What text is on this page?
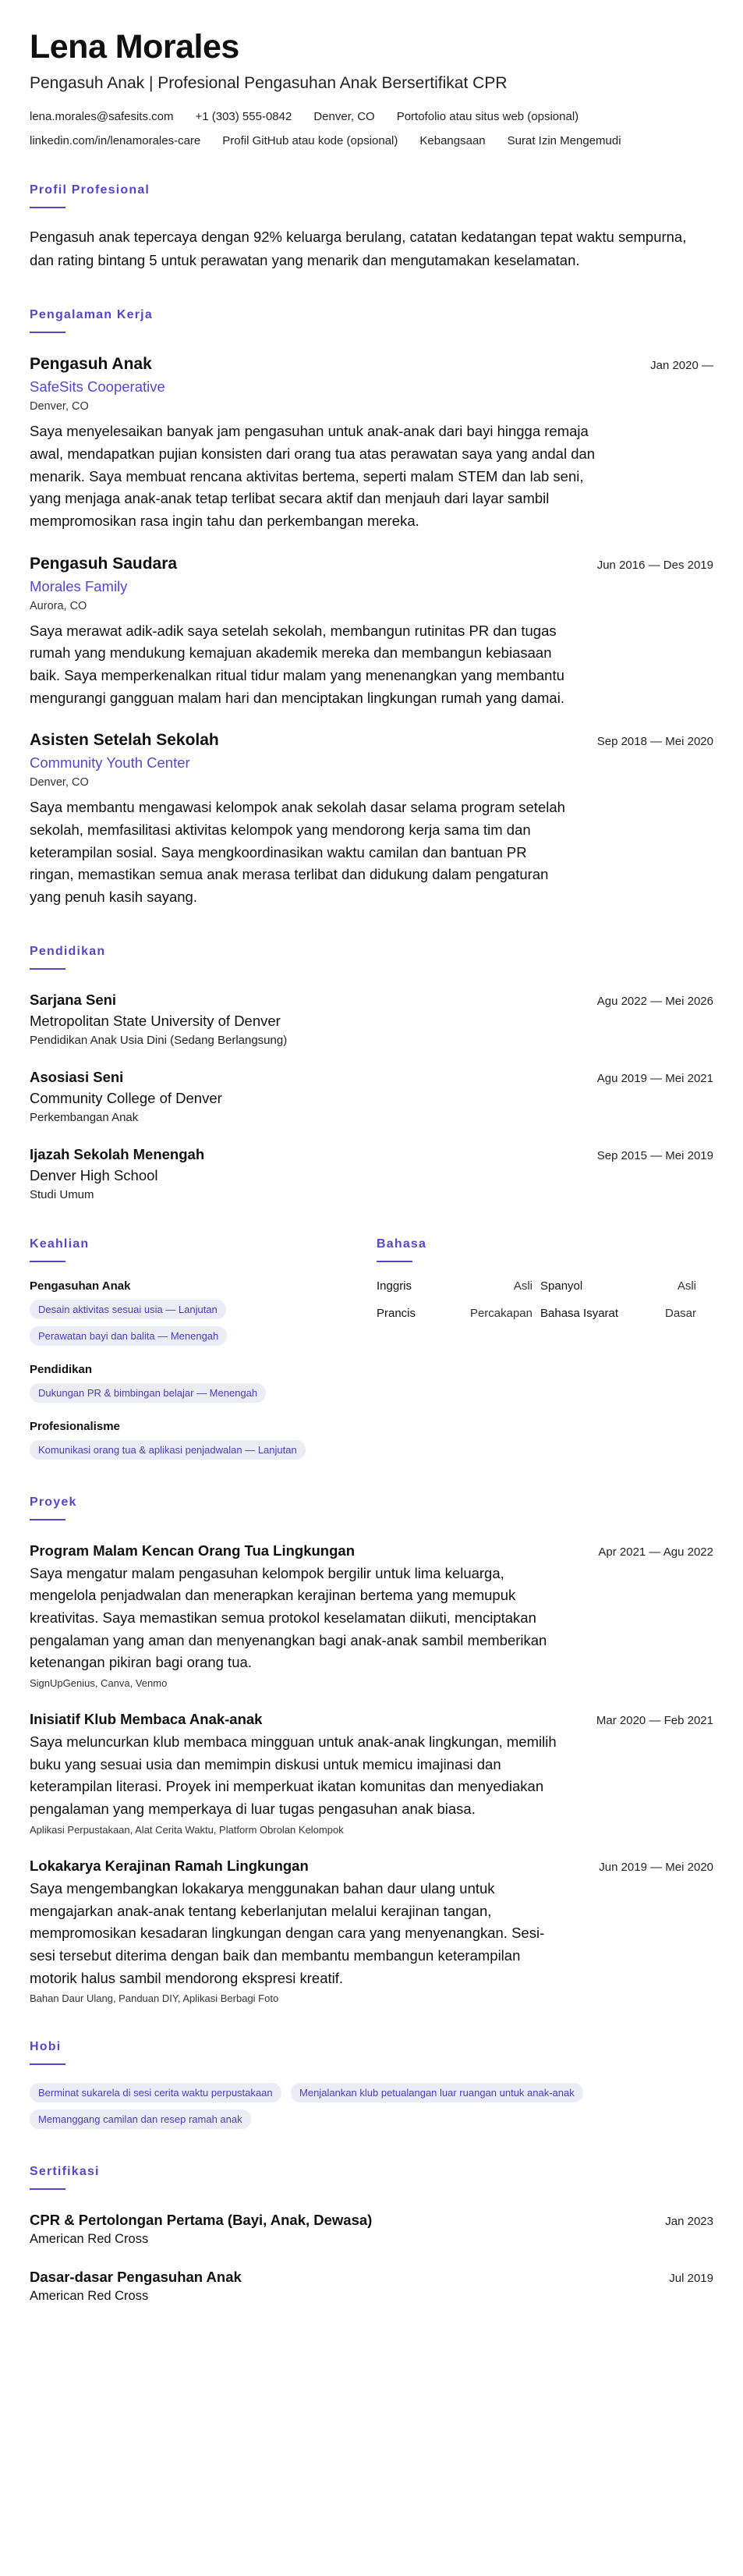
Lena Morales
Pengasuh Anak | Profesional Pengasuhan Anak Bersertifikat CPR
lena.morales@safesits.com +1 (303) 555-0842 Denver, CO Portofolio atau situs web (opsional)
linkedin.com/in/lenamorales-care Profil GitHub atau kode (opsional) Kebangsaan Surat Izin Mengemudi
Profil Profesional
Pengasuh anak tepercaya dengan 92% keluarga berulang, catatan kedatangan tepat waktu sempurna, dan rating bintang 5 untuk perawatan yang menarik dan mengutamakan keselamatan.
Pengalaman Kerja
Pengasuh Anak	Jan 2020 —
SafeSits Cooperative
Denver, CO
Saya menyelesaikan banyak jam pengasuhan untuk anak-anak dari bayi hingga remaja awal, mendapatkan pujian konsisten dari orang tua atas perawatan saya yang andal dan menarik. Saya membuat rencana aktivitas bertema, seperti malam STEM dan lab seni, yang menjaga anak-anak tetap terlibat secara aktif dan menjauh dari layar sambil mempromosikan rasa ingin tahu dan perkembangan mereka.
Pengasuh Saudara	Jun 2016 — Des 2019
Morales Family
Aurora, CO
Saya merawat adik-adik saya setelah sekolah, membangun rutinitas PR dan tugas rumah yang mendukung kemajuan akademik mereka dan membangun kebiasaan baik. Saya memperkenalkan ritual tidur malam yang menenangkan yang membantu mengurangi gangguan malam hari dan menciptakan lingkungan rumah yang damai.
Asisten Setelah Sekolah	Sep 2018 — Mei 2020
Community Youth Center
Denver, CO
Saya membantu mengawasi kelompok anak sekolah dasar selama program setelah sekolah, memfasilitasi aktivitas kelompok yang mendorong kerja sama tim dan keterampilan sosial. Saya mengkoordinasikan waktu camilan dan bantuan PR ringan, memastikan semua anak merasa terlibat dan didukung dalam pengaturan yang penuh kasih sayang.
Pendidikan
Sarjana Seni	Agu 2022 — Mei 2026
Metropolitan State University of Denver
Pendidikan Anak Usia Dini (Sedang Berlangsung)
Asosiasi Seni	Agu 2019 — Mei 2021
Community College of Denver
Perkembangan Anak
Ijazah Sekolah Menengah	Sep 2015 — Mei 2019
Denver High School
Studi Umum
Keahlian
Pengasuhan Anak
Desain aktivitas sesuai usia — Lanjutan
Perawatan bayi dan balita — Menengah
Pendidikan
Dukungan PR & bimbingan belajar — Menengah
Profesionalisme
Komunikasi orang tua & aplikasi penjadwalan — Lanjutan
Bahasa
Inggris	Asli Spanyol	Asli
Prancis	Percakapan Bahasa Isyarat	Dasar
Proyek
Program Malam Kencan Orang Tua Lingkungan	Apr 2021 — Agu 2022
Saya mengatur malam pengasuhan kelompok bergilir untuk lima keluarga, mengelola penjadwalan dan menerapkan kerajinan bertema yang memupuk kreativitas. Saya memastikan semua protokol keselamatan diikuti, menciptakan pengalaman yang aman dan menyenangkan bagi anak-anak sambil memberikan ketenangan pikiran bagi orang tua.
SignUpGenius, Canva, Venmo
Inisiatif Klub Membaca Anak-anak	Mar 2020 — Feb 2021
Saya meluncurkan klub membaca mingguan untuk anak-anak lingkungan, memilih buku yang sesuai usia dan memimpin diskusi untuk memicu imajinasi dan keterampilan literasi. Proyek ini memperkuat ikatan komunitas dan menyediakan pengalaman yang memperkaya di luar tugas pengasuhan anak biasa.
Aplikasi Perpustakaan, Alat Cerita Waktu, Platform Obrolan Kelompok
Lokakarya Kerajinan Ramah Lingkungan	Jun 2019 — Mei 2020
Saya mengembangkan lokakarya menggunakan bahan daur ulang untuk mengajarkan anak-anak tentang keberlanjutan melalui kerajinan tangan, mempromosikan kesadaran lingkungan dengan cara yang menyenangkan. Sesi-sesi tersebut diterima dengan baik dan membantu membangun keterampilan motorik halus sambil mendorong ekspresi kreatif.
Bahan Daur Ulang, Panduan DIY, Aplikasi Berbagi Foto
Hobi
Berminat sukarela di sesi cerita waktu perpustakaan	Menjalankan klub petualangan luar ruangan untuk anak-anak
Memanggang camilan dan resep ramah anak
Sertifikasi
CPR & Pertolongan Pertama (Bayi, Anak, Dewasa)	Jan 2023
American Red Cross
Dasar-dasar Pengasuhan Anak	Jul 2019
American Red Cross
